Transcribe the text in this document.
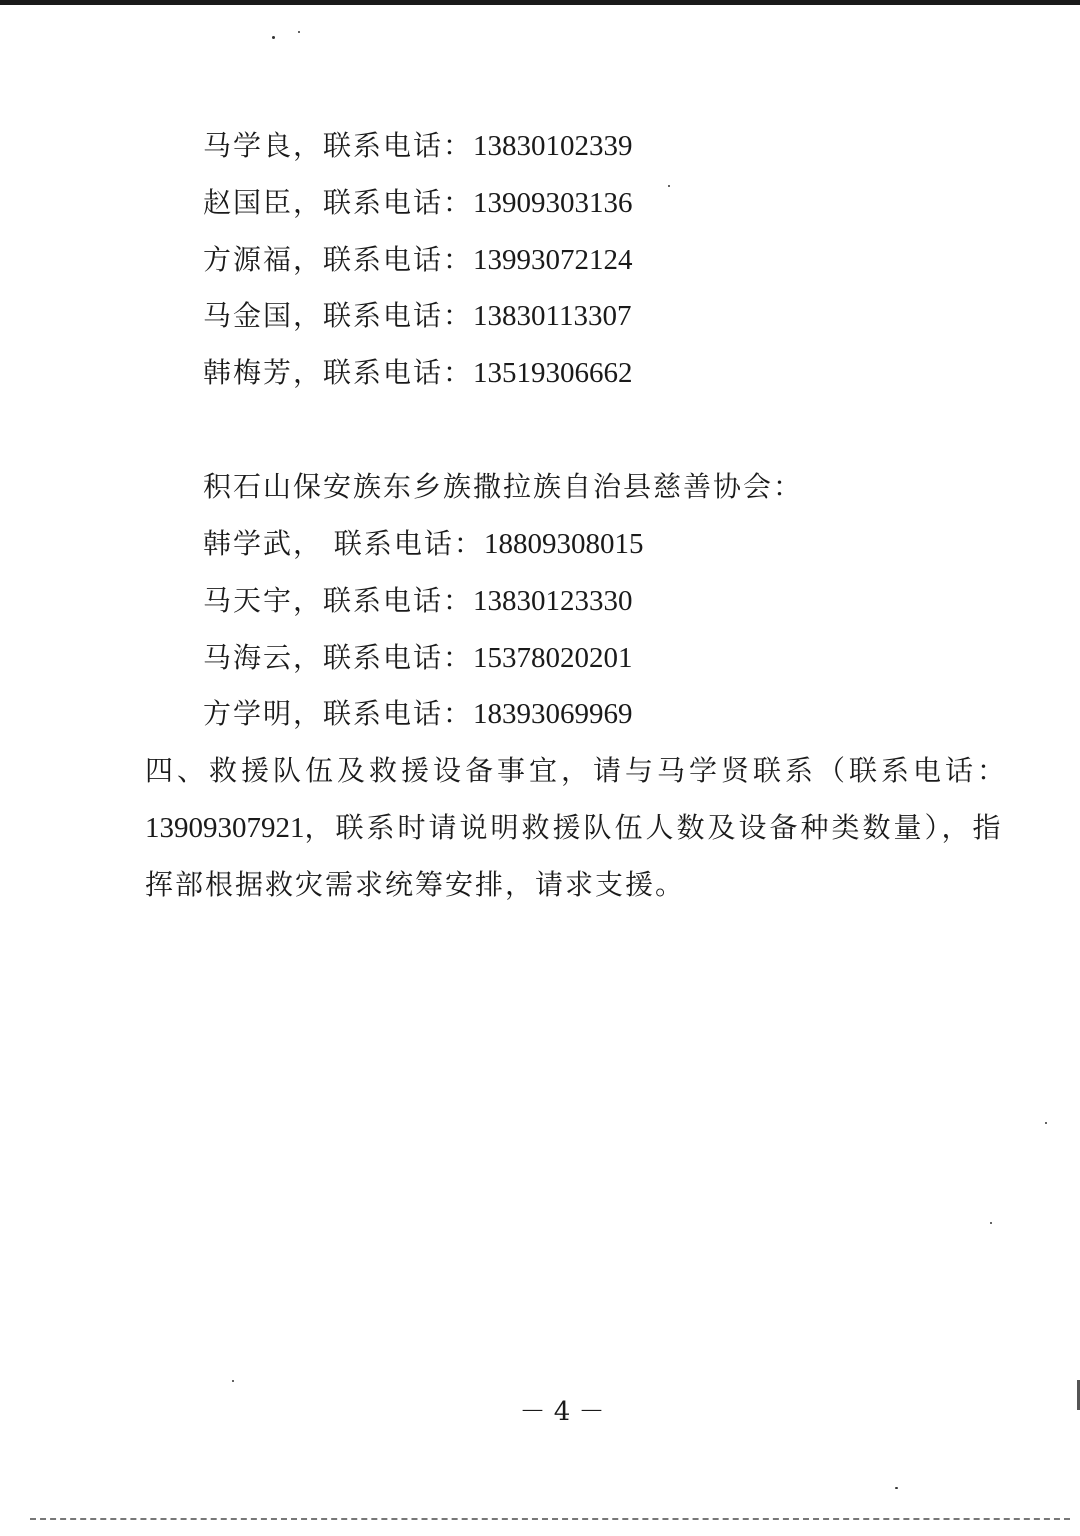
马学良，联系电话：13830102339
赵国臣，联系电话：13909303136
方源福，联系电话：13993072124
马金国，联系电话：13830113307
韩梅芳，联系电话：13519306662
积石山保安族东乡族撒拉族自治县慈善协会：
韩学武， 联系电话：18809308015
马天宇，联系电话：13830123330
马海云，联系电话：15378020201
方学明，联系电话：18393069969
四、救援队伍及救援设备事宜，请与马学贤联系（联系电话：
13909307921，联系时请说明救援队伍人数及设备种类数量），指
挥部根据救灾需求统筹安排，请求支援。
－ 4 －
